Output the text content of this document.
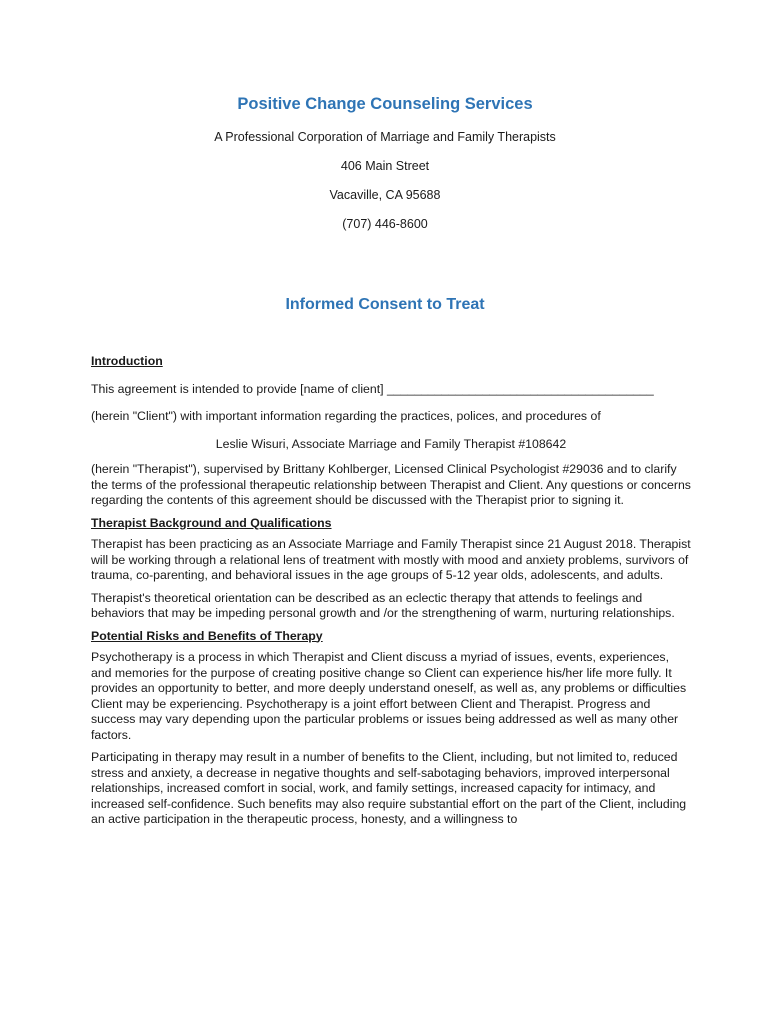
Positive Change Counseling Services
A Professional Corporation of Marriage and Family Therapists
406 Main Street
Vacaville, CA 95688
(707) 446-8600
Informed Consent to Treat
Introduction

This agreement is intended to provide [name of client] _______________________________________

(herein "Client") with important information regarding the practices, polices, and procedures of

Leslie Wisuri, Associate Marriage and Family Therapist #108642

(herein "Therapist"), supervised by Brittany Kohlberger, Licensed Clinical Psychologist #29036 and to clarify the terms of the professional therapeutic relationship between Therapist and Client. Any questions or concerns regarding the contents of this agreement should be discussed with the Therapist prior to signing it.

Therapist Background and Qualifications

Therapist has been practicing as an Associate Marriage and Family Therapist since 21 August 2018. Therapist will be working through a relational lens of treatment with mostly with mood and anxiety problems, survivors of trauma, co-parenting, and behavioral issues in the age groups of 5-12 year olds, adolescents, and adults.

Therapist's theoretical orientation can be described as an eclectic therapy that attends to feelings and behaviors that may be impeding personal growth and /or the strengthening of warm, nurturing relationships.

Potential Risks and Benefits of Therapy

Psychotherapy is a process in which Therapist and Client discuss a myriad of issues, events, experiences, and memories for the purpose of creating positive change so Client can experience his/her life more fully. It provides an opportunity to better, and more deeply understand oneself, as well as, any problems or difficulties Client may be experiencing. Psychotherapy is a joint effort between Client and Therapist. Progress and success may vary depending upon the particular problems or issues being addressed as well as many other factors.

Participating in therapy may result in a number of benefits to the Client, including, but not limited to, reduced stress and anxiety, a decrease in negative thoughts and self-sabotaging behaviors, improved interpersonal relationships, increased comfort in social, work, and family settings, increased capacity for intimacy, and increased self-confidence. Such benefits may also require substantial effort on the part of the Client, including an active participation in the therapeutic process, honesty, and a willingness to
